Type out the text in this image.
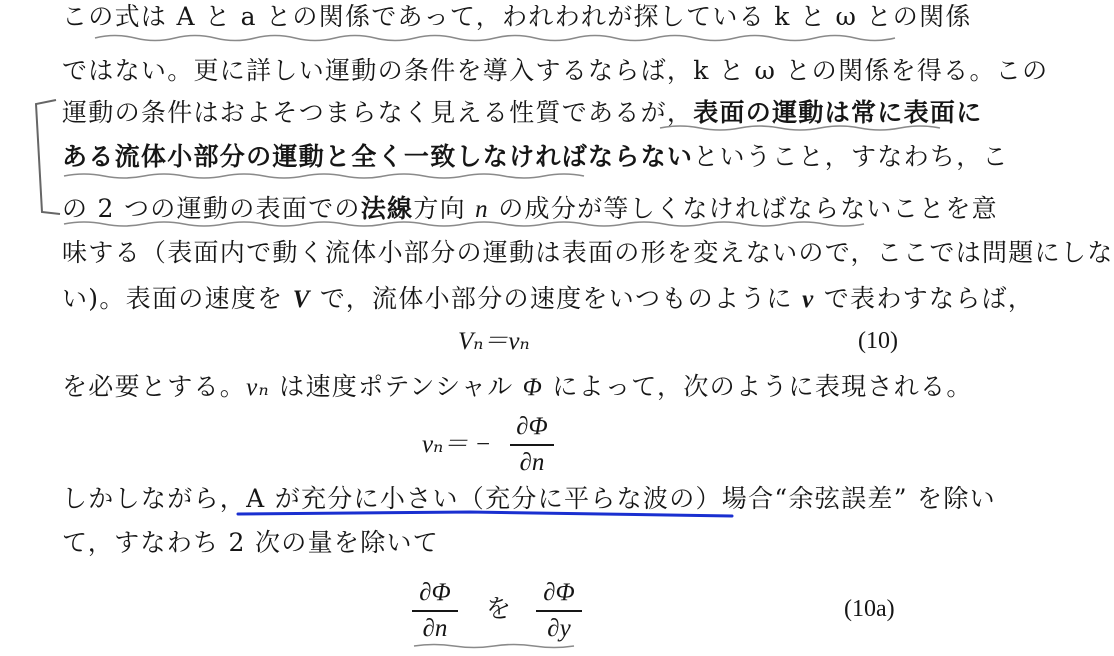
この式は A と a との関係であって，われわれが探している k と ω との関係
ではない。更に詳しい運動の条件を導入するならば，k と ω との関係を得る。この
運動の条件はおよそつまらなく見える性質であるが，表面の運動は常に表面に
ある流体小部分の運動と全く一致しなければならないということ，すなわち，こ
の 2 つの運動の表面での法線方向 n の成分が等しくなければならないことを意
味する（表面内で動く流体小部分の運動は表面の形を変えないので，ここでは問題にしな
い)。表面の速度を V で，流体小部分の速度をいつものように v で表わすならば，
Vₙ＝vₙ	(10)
を必要とする。vₙ は速度ポテンシャル Φ によって，次のように表現される。
vₙ＝ −
∂Φ
∂n
しかしながら，A が充分に小さい（充分に平らな波の）場合“余弦誤差” を除い
て，すなわち 2 次の量を除いて
∂Φ
∂n
を
∂Φ
∂y
(10a)
